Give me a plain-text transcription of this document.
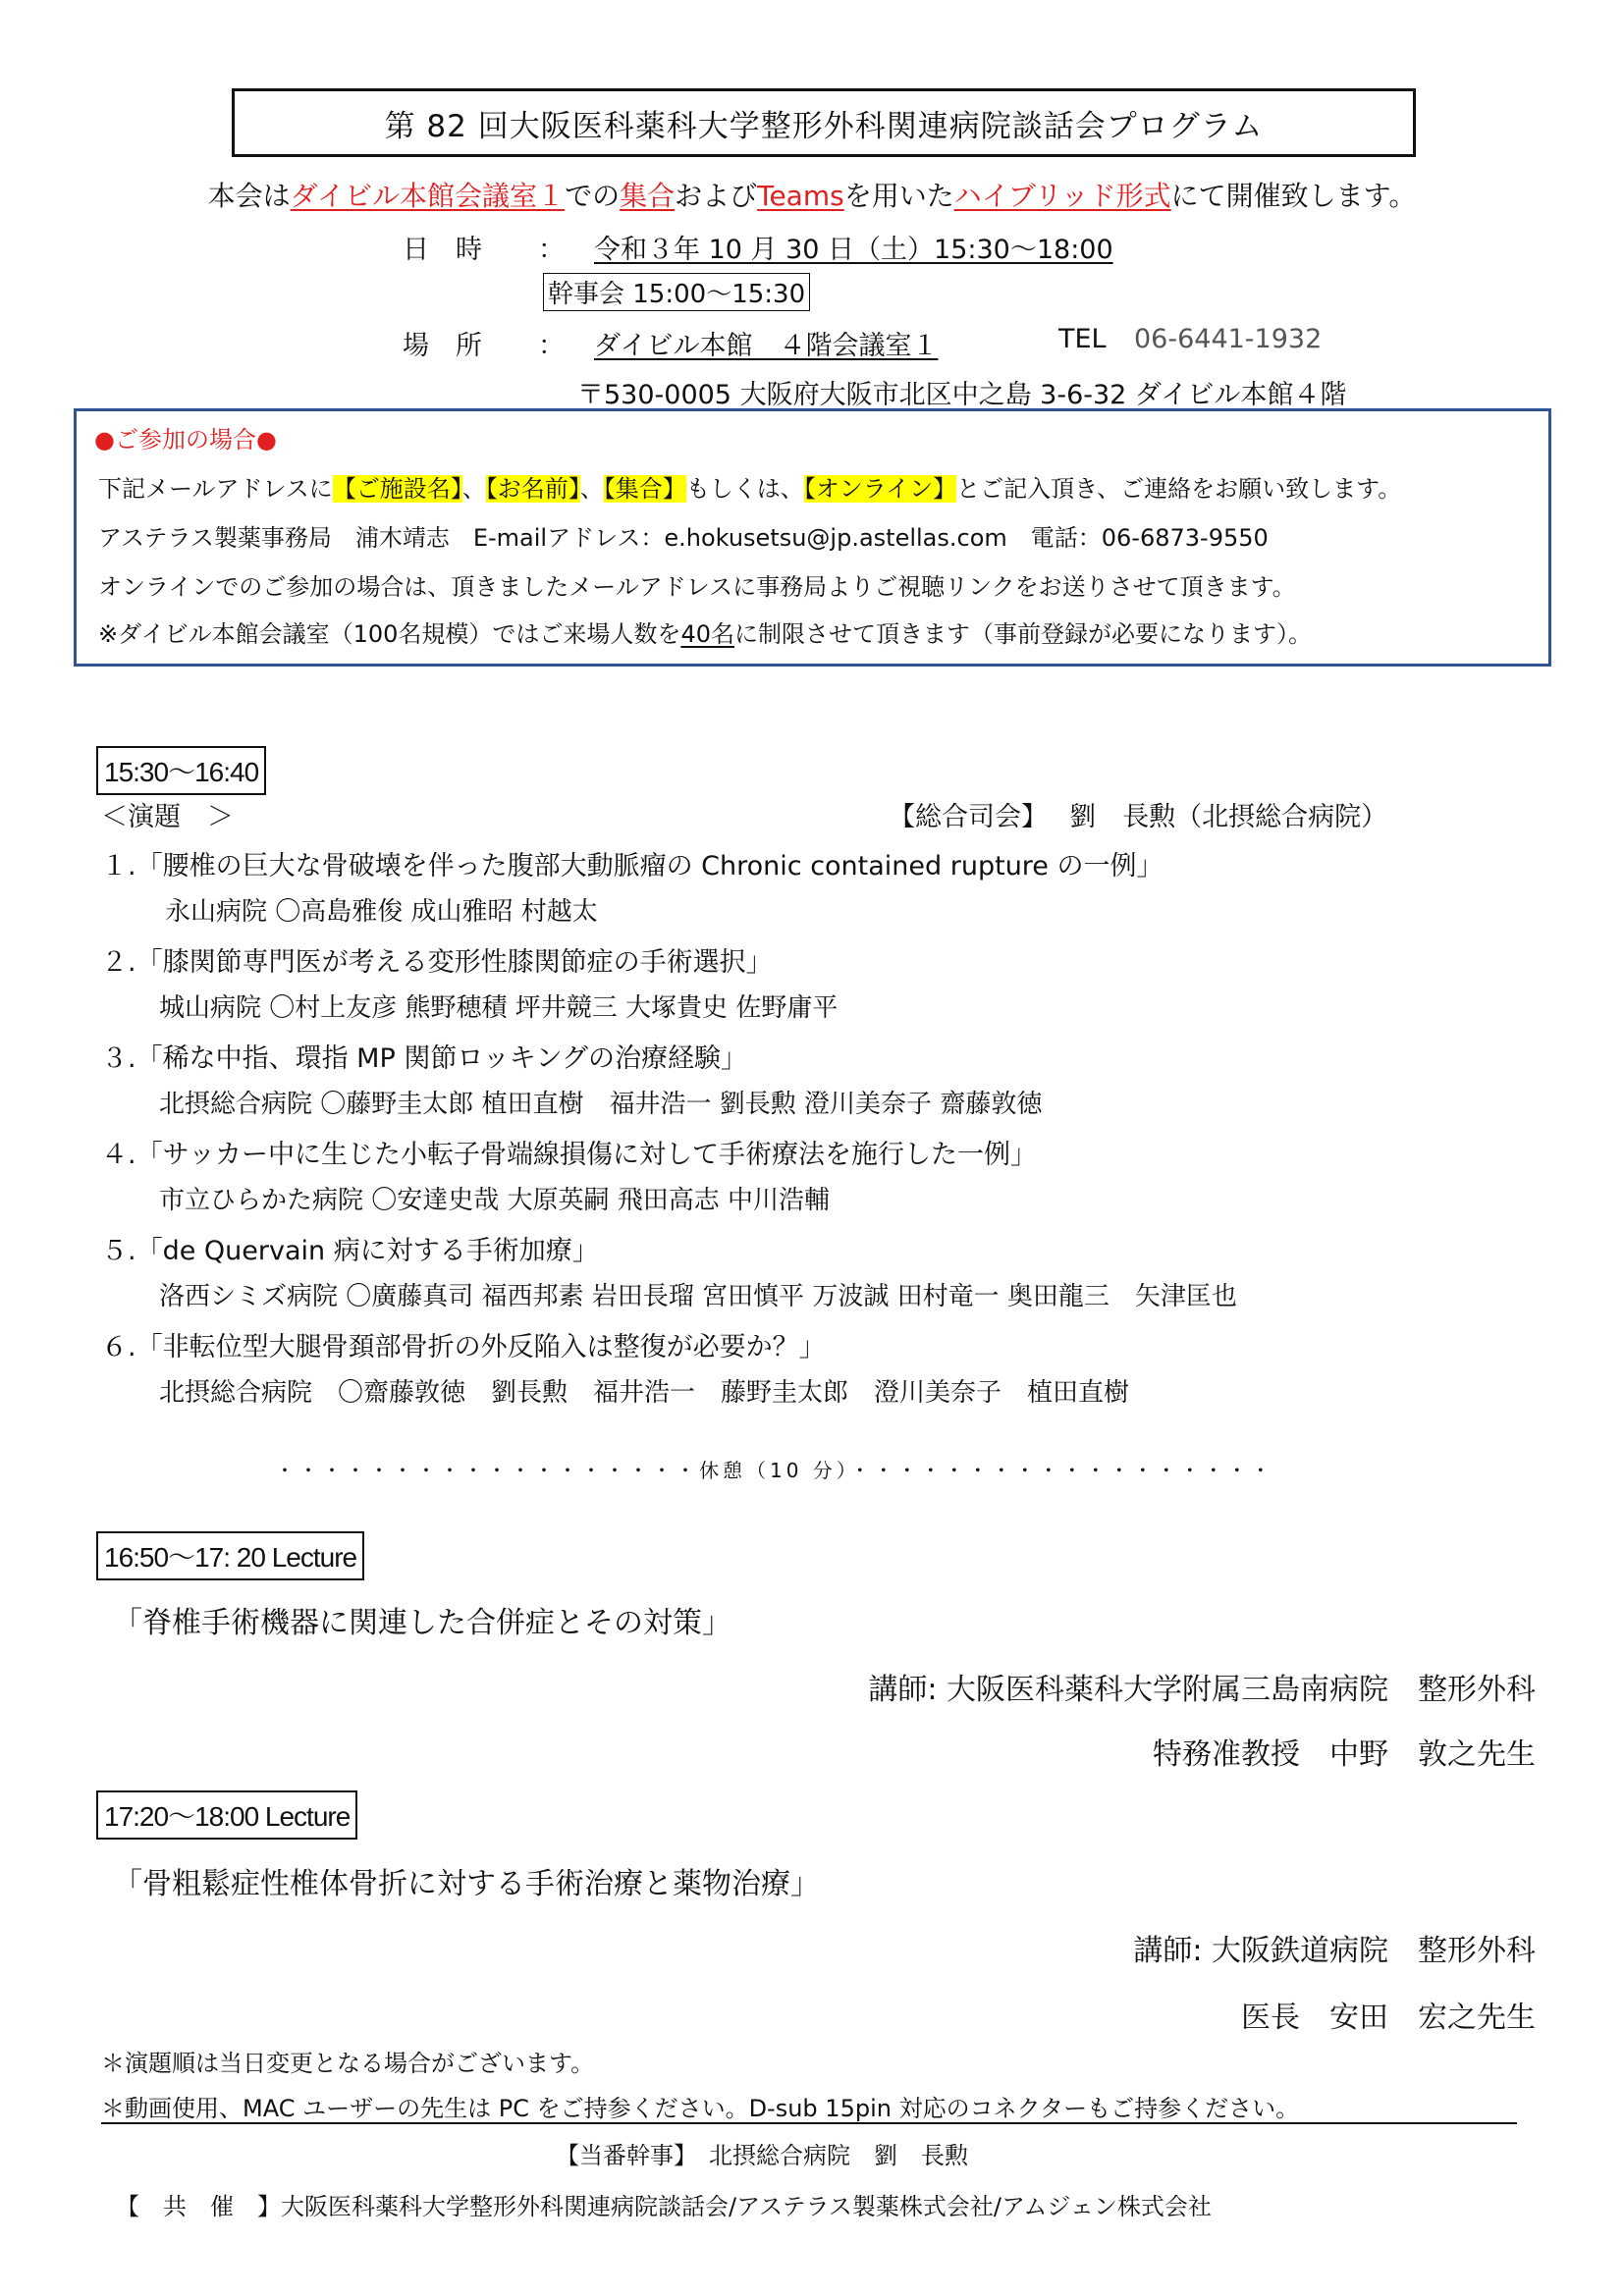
第 82 回大阪医科薬科大学整形外科関連病院談話会プログラム
本会はダイビル本館会議室１での集合およびTeamsを用いたハイブリッド形式にて開催致します。
日　時 ： 令和３年 10 月 30 日（土）15:30～18:00
幹事会 15:00～15:30
場　所 ： ダイビル本館　４階会議室１	TEL 06-6441-1932
〒530-0005 大阪府大阪市北区中之島 3-6-32 ダイビル本館４階
●ご参加の場合●
下記メールアドレスに【ご施設名】、【お名前】、【集合】もしくは、【オンライン】とご記入頂き、ご連絡をお願い致します。
アステラス製薬事務局　浦木靖志　E-mailアドレス：e.hokusetsu@jp.astellas.com　電話：06-6873-9550
オンラインでのご参加の場合は、頂きましたメールアドレスに事務局よりご視聴リンクをお送りさせて頂きます。
※ダイビル本館会議室（100名規模）ではご来場人数を40名に制限させて頂きます（事前登録が必要になります）。
15:30～16:40
＜演題　＞	【総合司会】　 劉　長勲（北摂総合病院）
１.「腰椎の巨大な骨破壊を伴った腹部大動脈瘤の Chronic contained rupture の一例」
永山病院 〇高島雅俊 成山雅昭 村越太
２.「膝関節専門医が考える変形性膝関節症の手術選択」
城山病院 〇村上友彦 熊野穂積 坪井競三 大塚貴史 佐野庸平
３.「稀な中指、環指 MP 関節ロッキングの治療経験」
北摂総合病院 〇藤野圭太郎 植田直樹　福井浩一 劉長勲 澄川美奈子 齋藤敦徳
４.「サッカー中に生じた小転子骨端線損傷に対して手術療法を施行した一例」
市立ひらかた病院 〇安達史哉 大原英嗣 飛田高志 中川浩輔
５.「de Quervain 病に対する手術加療」
洛西シミズ病院 〇廣藤真司 福西邦素 岩田長瑠 宮田慎平 万波誠 田村竜一 奥田龍三　矢津匡也
６.「非転位型大腿骨頚部骨折の外反陥入は整復が必要か？」
北摂総合病院　〇齋藤敦徳　劉長勲　福井浩一　藤野圭太郎　澄川美奈子　植田直樹
・・・・・・・・・・・・・・・・・・休憩（10 分）・・・・・・・・・・・・・・・・・・
16:50～17: 20 Lecture
「脊椎手術機器に関連した合併症とその対策」
講師: 大阪医科薬科大学附属三島南病院　整形外科
特務准教授　中野　敦之先生
17:20～18:00 Lecture
「骨粗鬆症性椎体骨折に対する手術治療と薬物治療」
講師: 大阪鉄道病院　整形外科
医長　安田　宏之先生
＊演題順は当日変更となる場合がございます。
＊動画使用、MAC ユーザーの先生は PC をご持参ください。D-sub 15pin 対応のコネクターもご持参ください。
【当番幹事】　北摂総合病院　劉　長勲
【　共　催　】大阪医科薬科大学整形外科関連病院談話会/アステラス製薬株式会社/アムジェン株式会社
